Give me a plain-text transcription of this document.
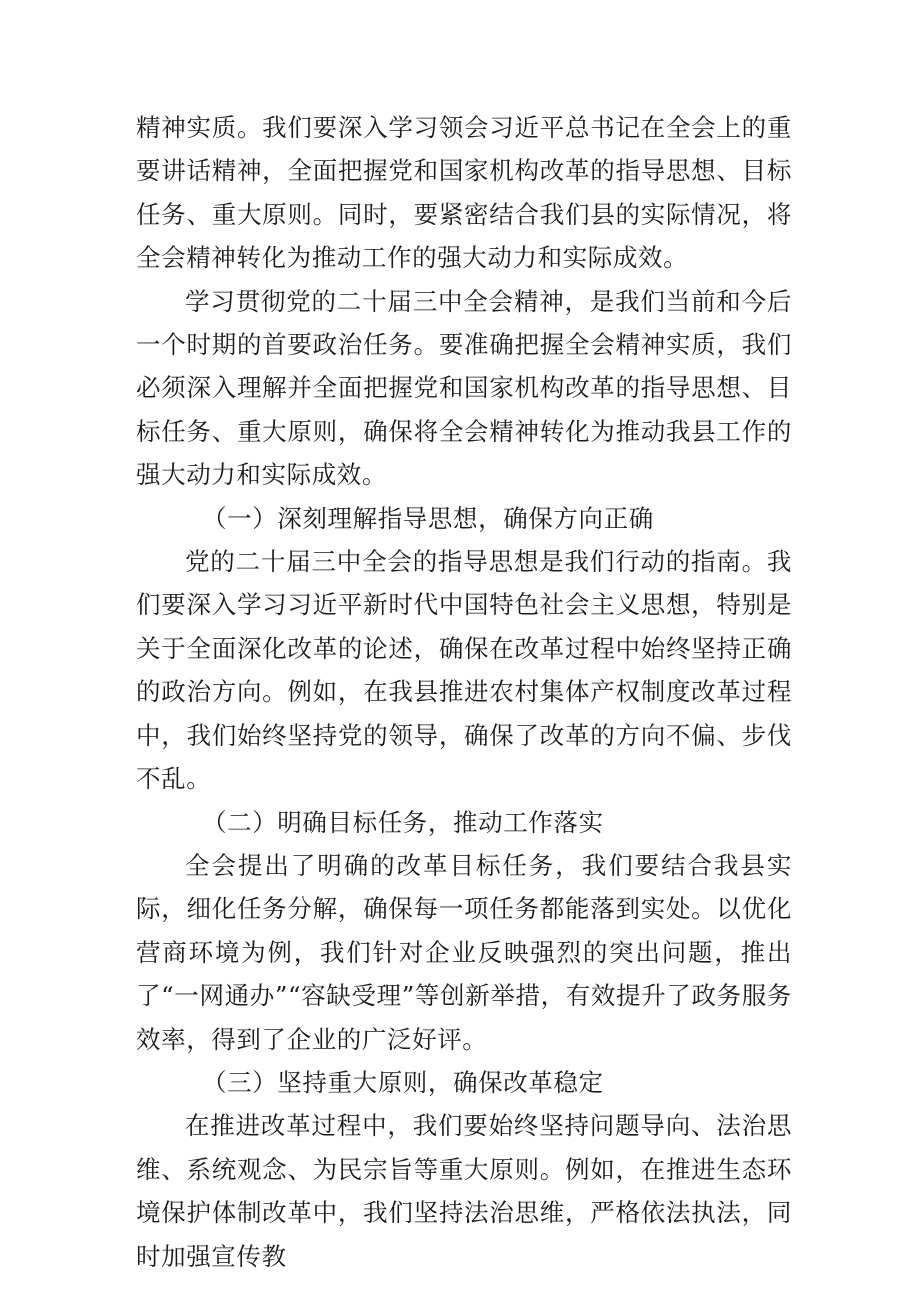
精神实质。我们要深入学习领会习近平总书记在全会上的重要讲话精神，全面把握党和国家机构改革的指导思想、目标任务、重大原则。同时，要紧密结合我们县的实际情况，将全会精神转化为推动工作的强大动力和实际成效。

学习贯彻党的二十届三中全会精神，是我们当前和今后一个时期的首要政治任务。要准确把握全会精神实质，我们必须深入理解并全面把握党和国家机构改革的指导思想、目标任务、重大原则，确保将全会精神转化为推动我县工作的强大动力和实际成效。

（一）深刻理解指导思想，确保方向正确

党的二十届三中全会的指导思想是我们行动的指南。我们要深入学习习近平新时代中国特色社会主义思想，特别是关于全面深化改革的论述，确保在改革过程中始终坚持正确的政治方向。例如，在我县推进农村集体产权制度改革过程中，我们始终坚持党的领导，确保了改革的方向不偏、步伐不乱。

（二）明确目标任务，推动工作落实

全会提出了明确的改革目标任务，我们要结合我县实际，细化任务分解，确保每一项任务都能落到实处。以优化营商环境为例，我们针对企业反映强烈的突出问题，推出了“一网通办”“容缺受理”等创新举措，有效提升了政务服务效率，得到了企业的广泛好评。

（三）坚持重大原则，确保改革稳定

在推进改革过程中，我们要始终坚持问题导向、法治思维、系统观念、为民宗旨等重大原则。例如，在推进生态环境保护体制改革中，我们坚持法治思维，严格依法执法，同时加强宣传教
